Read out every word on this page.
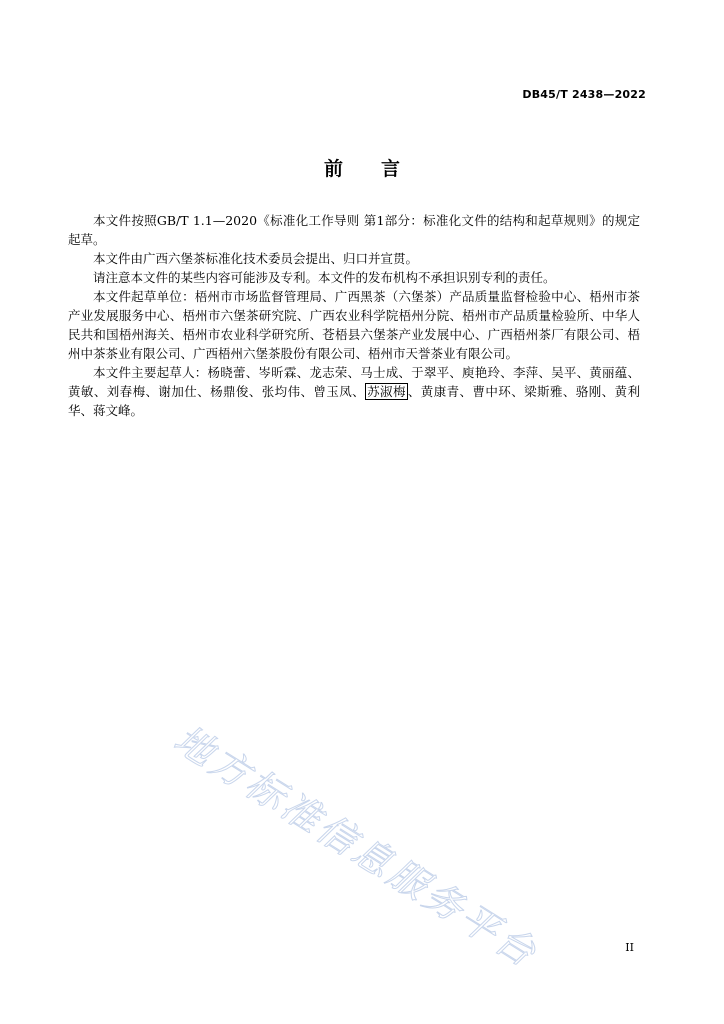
DB45/T 2438—2022
前言

本文件按照GB/T 1.1—2020《标准化工作导则 第1部分：标准化文件的结构和起草规则》的规定起草。

本文件由广西六堡茶标准化技术委员会提出、归口并宣贯。

请注意本文件的某些内容可能涉及专利。本文件的发布机构不承担识别专利的责任。

本文件起草单位：梧州市市场监督管理局、广西黑茶（六堡茶）产品质量监督检验中心、梧州市茶产业发展服务中心、梧州市六堡茶研究院、广西农业科学院梧州分院、梧州市产品质量检验所、中华人民共和国梧州海关、梧州市农业科学研究所、苍梧县六堡茶产业发展中心、广西梧州茶厂有限公司、梧州中茶茶业有限公司、广西梧州六堡茶股份有限公司、梧州市天誉茶业有限公司。

本文件主要起草人：杨晓蕾、岑昕霖、龙志荣、马士成、于翠平、庾艳玲、李萍、吴平、黄丽蕴、黄敏、刘春梅、谢加仕、杨鼎俊、张均伟、曾玉凤、 苏淑梅 、黄康青、曹中环、梁斯雅、骆刚、黄利华、蒋文峰。

地方标准信息服务平台	II
